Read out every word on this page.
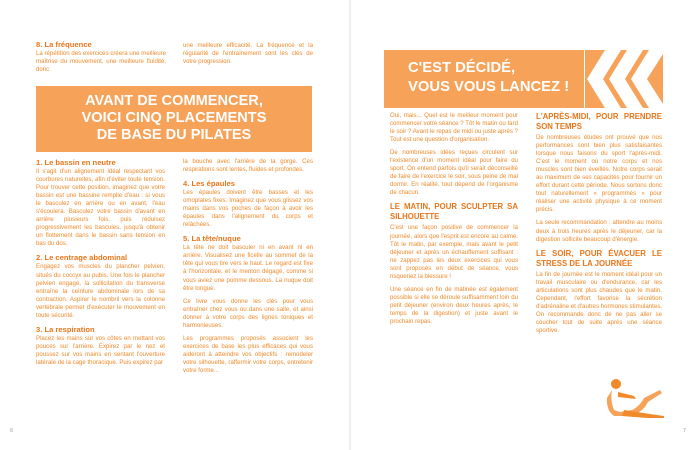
8. La fréquence

La répétition des exercices créera une meilleure maîtrise du mouvement, une meilleure fluidité, donc

une meilleure efficacité. La fréquence et la régularité de l'entraînement sont les clés de votre progression.

AVANT DE COMMENCER,
VOICI CINQ PLACEMENTS
DE BASE DU PILATES
1. Le bassin en neutre

Il s'agit d'un alignement idéal respectant vos courbures naturelles, afin d'éviter toute tension. Pour trouver cette position, imaginez que votre bassin est une bassine remplie d'eau : si vous le basculez en arrière ou en avant, l'eau s'écoulera. Basculez votre bassin d'avant en arrière plusieurs fois, puis réduisez progressivement les bascules, jusqu'à obtenir un flottement dans le bassin sans tension en bas du dos.

2. Le centrage abdominal

Engagez vos muscles du plancher pelvien, situés du coccyx au pubis. Une fois le plancher pelvien engagé, la sollicitation du transverse entraîne la ceinture abdominale lors de sa contraction. Aspirer le nombril vers la colonne vertébrale permet d'exécuter le mouvement en toute sécurité.

3. La respiration

Placez les mains sur vos côtes en mettant vos pouces sur l'arrière. Expirez par le nez et poussez sur vos mains en sentant l'ouverture latérale de la cage thoracique. Puis expirez par

la bouche avec l'arrière de la gorge. Ces respirations sont lentes, fluides et profondes.

4. Les épaules

Les épaules doivent être basses et les omoplates fixes. Imaginez que vous glissez vos mains dans vos poches de façon à avoir les épaules dans l'alignement du corps et relâchées.

5. La tête/nuque

La tête ne doit basculer ni en avant ni en arrière. Visualisez une ficelle au sommet de la tête qui vous tire vers le haut. Le regard est fixe à l'horizontale, et le menton dégagé, comme si vous aviez une pomme dessous. La nuque doit être longue.

Ce livre vous donne les clés pour vous entraîner chez vous ou dans une salle, et ainsi donner à votre corps des lignes toniques et harmonieuses.

Les programmes proposés associent les exercices de base les plus efficaces qui vous aideront à atteindre vos objectifs : remodeler votre silhouette, raffermir votre corps, entretenir votre forme...

6	7
C'EST DÉCIDÉ,
VOUS VOUS LANCEZ !

Oui, mais... Quel est le meilleur moment pour commencer votre séance ? Tôt le matin ou tard le soir ? Avant le repas de midi ou juste après ? Tout est une question d'organisation.

De nombreuses idées reçues circulent sur l'existence d'un moment idéal pour faire du sport. On entend parfois qu'il serait déconseillé de faire de l'exercice le soir, sous peine de mal dormir. En réalité, tout dépend de l'organisme de chacun.

LE MATIN, POUR SCULPTER SA SILHOUETTE

C'est une façon positive de commencer la journée, alors que l'esprit est encore au calme. Tôt le matin, par exemple, mais avant le petit déjeuner et après un échauffement suffisant : ne zappez pas les deux exercices qui vous sont proposés en début de séance, vous risqueriez la blessure !

Une séance en fin de matinée est également possible si elle se déroule suffisamment loin du petit déjeuner (environ deux heures après, le temps de la digestion) et juste avant le prochain repas.

L'APRÈS-MIDI, POUR PRENDRE SON TEMPS

De nombreuses études ont prouvé que nos performances sont bien plus satisfaisantes lorsque nous faisons du sport l'après-midi. C'est le moment où notre corps et nos muscles sont bien éveillés. Notre corps serait au maximum de ses capacités pour fournir un effort durant cette période. Nous sortons donc tout naturellement « programmés » pour réaliser une activité physique à ce moment précis.

La seule recommandation : attendre au moins deux à trois heures après le déjeuner, car la digestion sollicite beaucoup d'énergie.

LE SOIR, POUR ÉVACUER LE STRESS DE LA JOURNÉE

La fin de journée est le moment idéal pour un travail musculaire ou d'endurance, car les articulations sont plus chaudes que le matin. Cependant, l'effort favorise la sécrétion d'adrénaline et d'autres hormones stimulantes. On recommande donc de ne pas aller se coucher tout de suite après une séance sportive.
